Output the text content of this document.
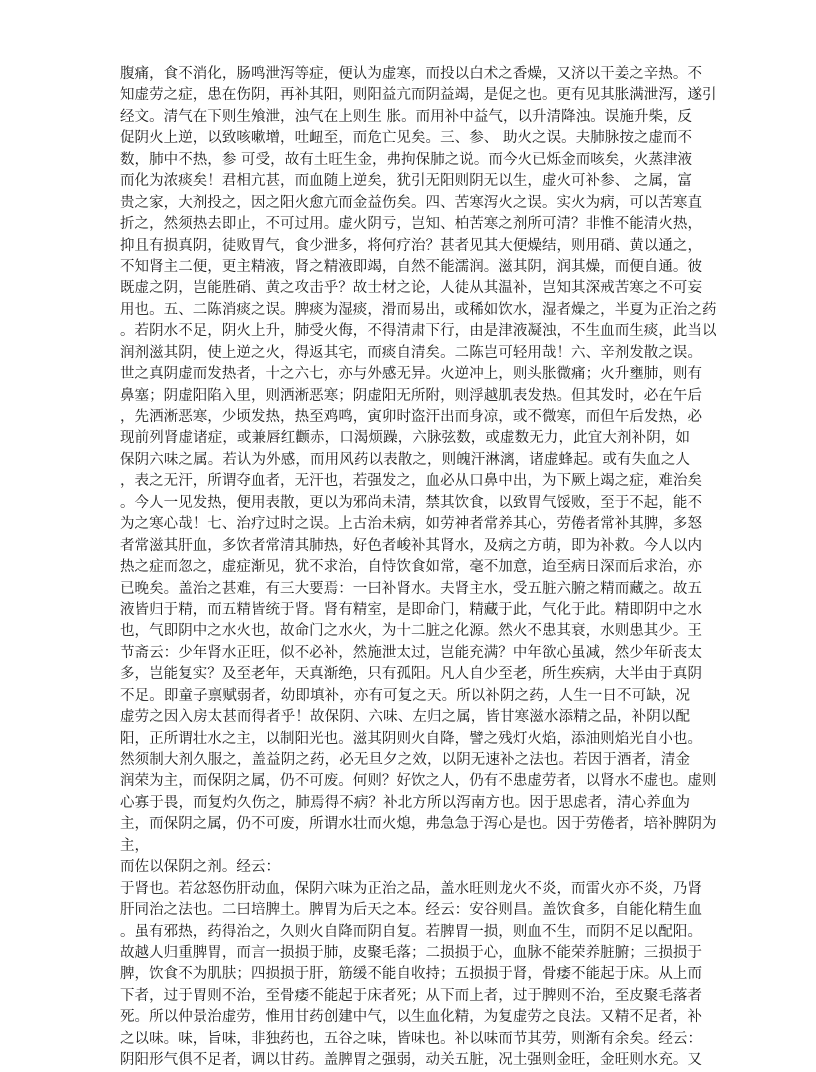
腹痛，食不消化，肠鸣泄泻等症，便认为虚寒，而投以白术之香燥，又济以干姜之辛热。不
知虚劳之症，患在伤阴，再补其阳，则阳益亢而阴益竭，是促之也。更有见其胀满泄泻，遂引
经文。清气在下则生飧泄，浊气在上则生 胀。而用补中益气，以升清降浊。误施升柴，反
促阴火上逆，以致咳嗽增，吐衄至，而危亡见矣。三、参、 助火之误。夫肺脉按之虚而不
数，肺中不热，参 可受，故有土旺生金，弗拘保肺之说。而今火已烁金而咳矣，火蒸津液
而化为浓痰矣！君相亢甚，而血随上逆矣，犹引无阳则阴无以生，虚火可补参、 之属，富
贵之家，大剂投之，因之阳火愈亢而金益伤矣。四、苦寒泻火之误。实火为病，可以苦寒直
折之，然须热去即止，不可过用。虚火阴亏，岂知、柏苦寒之剂所可清？非惟不能清火热，
抑且有损真阴，徒败胃气，食少泄多，将何疗治？甚者见其大便燥结，则用硝、黄以通之，
不知肾主二便，更主精液，肾之精液即竭，自然不能濡润。滋其阴，润其燥，而便自通。彼
既虚之阴，岂能胜硝、黄之攻击乎？故士材之论，人徒从其温补，岂知其深戒苦寒之不可妄
用也。五、二陈消痰之误。脾痰为湿痰，滑而易出，或稀如饮水，湿者燥之，半夏为正治之药
。若阴水不足，阴火上升，肺受火侮，不得清肃下行，由是津液凝浊，不生血而生痰，此当以
润剂滋其阴，使上逆之火，得返其宅，而痰自清矣。二陈岂可轻用哉！六、辛剂发散之误。
世之真阴虚而发热者，十之六七，亦与外感无异。火逆冲上，则头胀微痛；火升壅肺，则有
鼻塞；阴虚阳陷入里，则洒淅恶寒；阴虚阳无所附，则浮越肌表发热。但其发时，必在午后
，先洒淅恶寒，少顷发热，热至鸡鸣，寅卯时盗汗出而身凉，或不微寒，而但午后发热，必
现前列肾虚诸症，或兼唇红颧赤，口渴烦躁，六脉弦数，或虚数无力，此宜大剂补阴，如
保阴六味之属。若认为外感，而用风药以表散之，则魄汗淋漓，诸虚蜂起。或有失血之人
，表之无汗，所谓夺血者，无汗也，若强发之，血必从口鼻中出，为下厥上竭之症，难治矣
。今人一见发热，便用表散，更以为邪尚未清，禁其饮食，以致胃气馁败，至于不起，能不
为之寒心哉！七、治疗过时之误。上古治未病，如劳神者常养其心，劳倦者常补其脾，多怒
者常滋其肝血，多饮者常清其肺热，好色者峻补其肾水，及病之方萌，即为补救。今人以内
热之症而忽之，虚症渐见，犹不求治，自恃饮食如常，毫不加意，迨至病日深而后求治，亦
已晚矣。盖治之甚难，有三大要焉：一曰补肾水。夫肾主水，受五脏六腑之精而藏之。故五
液皆归于精，而五精皆统于肾。肾有精室，是即命门，精藏于此，气化于此。精即阴中之水
也，气即阴中之水火也，故命门之水火，为十二脏之化源。然火不患其衰，水则患其少。王
节斋云：少年肾水正旺，似不必补，然施泄太过，岂能充满？中年欲心虽减，然少年斫丧太
多，岂能复实？及至老年，天真渐绝，只有孤阳。凡人自少至老，所生疾病，大半由于真阴
不足。即童子禀赋弱者，幼即填补，亦有可复之天。所以补阴之药，人生一日不可缺，况
虚劳之因入房太甚而得者乎！故保阴、六味、左归之属，皆甘寒滋水添精之品，补阴以配
阳，正所谓壮水之主，以制阳光也。滋其阴则火自降，譬之残灯火焰，添油则焰光自小也。
然须制大剂久服之，盖益阴之药，必无旦夕之效，以阴无速补之法也。若因于酒者，清金
润荣为主，而保阴之属，仍不可废。何则？好饮之人，仍有不患虚劳者，以肾水不虚也。虚则
心寡于畏，而复灼久伤之，肺焉得不病？补北方所以泻南方也。因于思虑者，清心养血为
主，而保阴之属，仍不可废，所谓水壮而火熄，弗急急于泻心是也。因于劳倦者，培补脾阴为
主，
而佐以保阴之剂。经云：
于肾也。若忿怒伤肝动血，保阴六味为正治之品，盖水旺则龙火不炎，而雷火亦不炎，乃肾
肝同治之法也。二曰培脾土。脾胃为后天之本。经云：安谷则昌。盖饮食多，自能化精生血
。虽有邪热，药得治之，久则火自降而阴自复。若脾胃一损，则血不生，而阴不足以配阳。
故越人归重脾胃，而言一损损于肺，皮聚毛落；二损损于心，血脉不能荣养脏腑；三损损于
脾，饮食不为肌肤；四损损于肝，筋缓不能自收持；五损损于肾，骨痿不能起于床。从上而
下者，过于胃则不治，至骨痿不能起于床者死；从下而上者，过于脾则不治，至皮聚毛落者
死。所以仲景治虚劳，惟用甘药创建中气，以生血化精，为复虚劳之良法。又精不足者，补
之以味。味，旨味，非独药也，五谷之味，皆味也。补以味而节其劳，则渐有余矣。经云：
阴阳形气俱不足者，调以甘药。盖脾胃之强弱，动关五脏，况土强则金旺，金旺则水充。又
